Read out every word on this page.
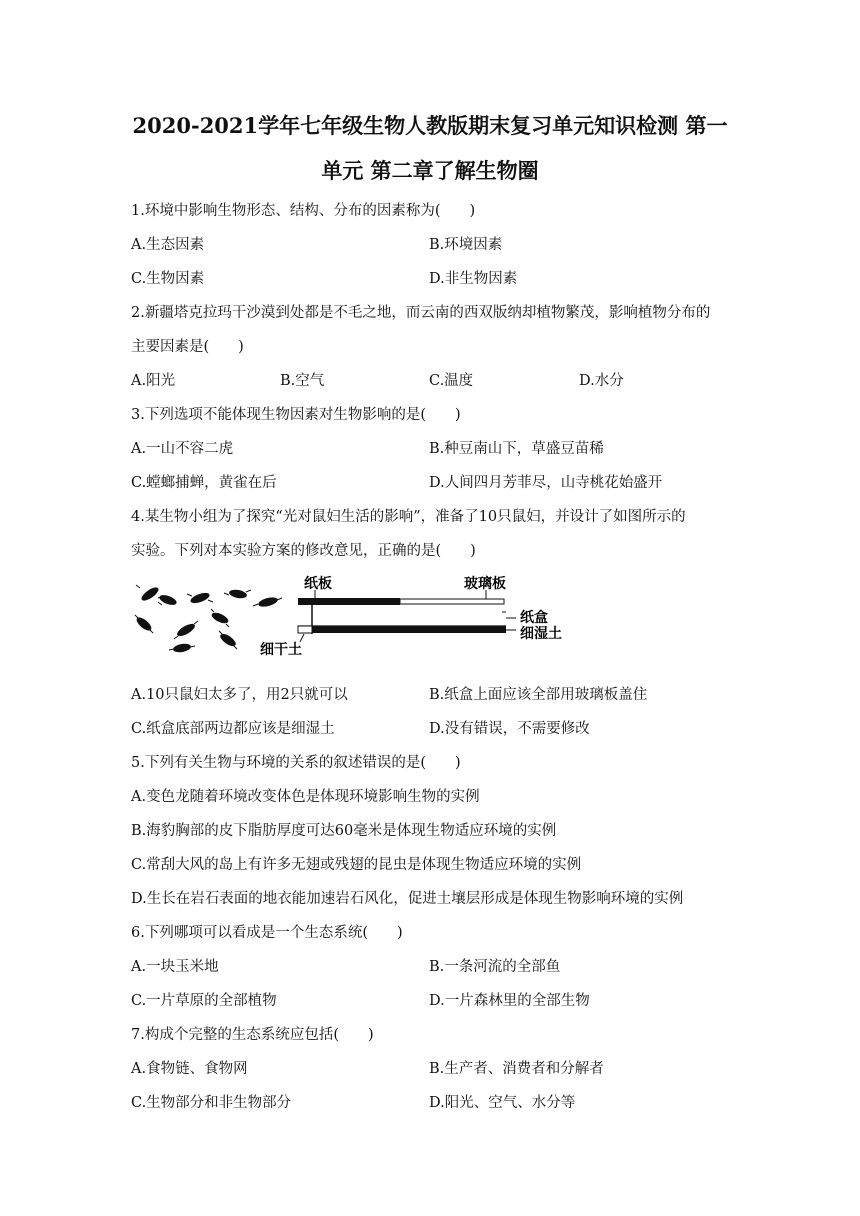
2020-2021学年七年级生物人教版期末复习单元知识检测 第一
单元 第二章了解生物圈
1.环境中影响生物形态、结构、分布的因素称为(　　)
A.生态因素	B.环境因素
C.生物因素	D.非生物因素
2.新疆塔克拉玛干沙漠到处都是不毛之地，而云南的西双版纳却植物繁茂，影响植物分布的
主要因素是(　　)
A.阳光	B.空气	C.温度	D.水分
3.下列选项不能体现生物因素对生物影响的是(　　)
A.一山不容二虎	B.种豆南山下，草盛豆苗稀
C.螳螂捕蝉，黄雀在后	D.人间四月芳菲尽，山寺桃花始盛开
4.某生物小组为了探究“光对鼠妇生活的影响”，准备了10只鼠妇，并设计了如图所示的
实验。下列对本实验方案的修改意见，正确的是(　　)
纸板	玻璃板
纸盒
细湿土
细干土
A.10只鼠妇太多了，用2只就可以	B.纸盒上面应该全部用玻璃板盖住
C.纸盒底部两边都应该是细湿土	D.没有错误，不需要修改
5.下列有关生物与环境的关系的叙述错误的是(　　)
A.变色龙随着环境改变体色是体现环境影响生物的实例
B.海豹胸部的皮下脂肪厚度可达60毫米是体现生物适应环境的实例
C.常刮大风的岛上有许多无翅或残翅的昆虫是体现生物适应环境的实例
D.生长在岩石表面的地衣能加速岩石风化，促进土壤层形成是体现生物影响环境的实例
6.下列哪项可以看成是一个生态系统(　　)
A.一块玉米地	B.一条河流的全部鱼
C.一片草原的全部植物	D.一片森林里的全部生物
7.构成个完整的生态系统应包括(　　)
A.食物链、食物网	B.生产者、消费者和分解者
C.生物部分和非生物部分	D.阳光、空气、水分等
